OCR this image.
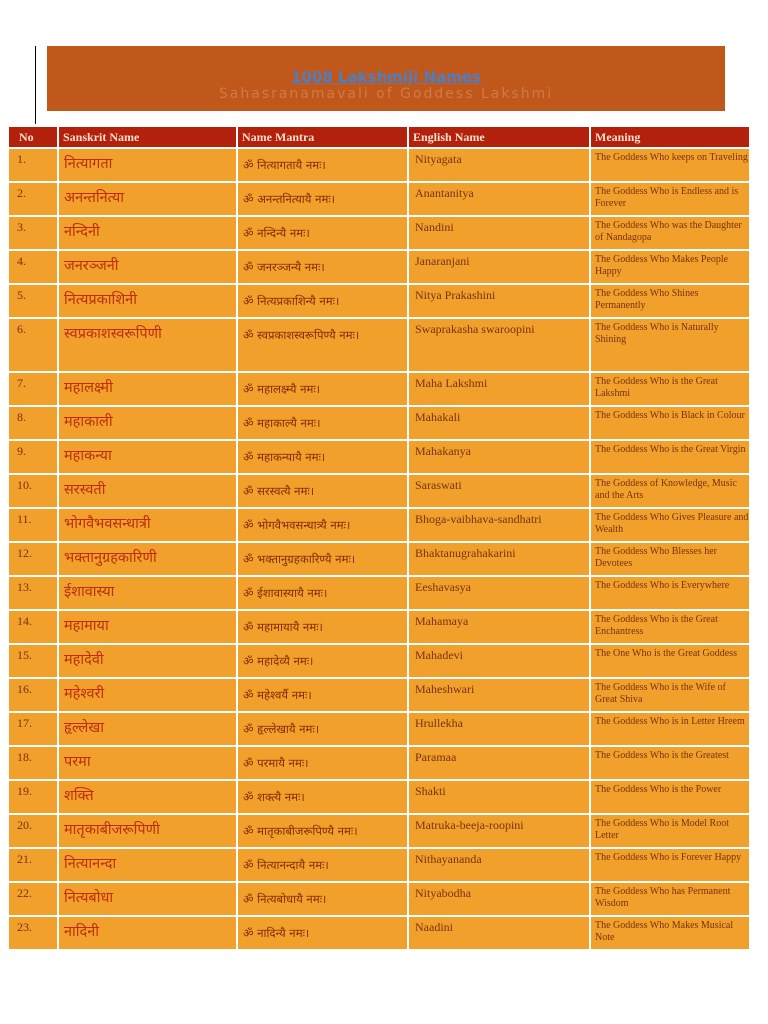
1008 Lakshmiji Names
Sahasranamavali of Goddess Lakshmi
No	Sanskrit Name	Name Mantra	English Name	Meaning
1.	नित्यागता	ॐ नित्यागतायै नमः।	Nityagata	The Goddess Who keeps on Traveling
2.	अनन्तनित्या	ॐ अनन्तनित्यायै नमः।	Anantanitya	The Goddess Who is Endless and is Forever
3.	नन्दिनी	ॐ नन्दिन्यै नमः।	Nandini	The Goddess Who was the Daughter of Nandagopa
4.	जनरञ्जनी	ॐ जनरञ्जन्यै नमः।	Janaranjani	The Goddess Who Makes People Happy
5.	नित्यप्रकाशिनी	ॐ नित्यप्रकाशिन्यै नमः।	Nitya Prakashini	The Goddess Who Shines Permanently
6.	स्वप्रकाशस्वरूपिणी	ॐ स्वप्रकाशस्वरूपिण्यै नमः।	Swaprakasha swaroopini	The Goddess Who is Naturally Shining
7.	महालक्ष्मी	ॐ महालक्ष्म्यै नमः।	Maha Lakshmi	The Goddess Who is the Great Lakshmi
8.	महाकाली	ॐ महाकाल्यै नमः।	Mahakali	The Goddess Who is Black in Colour
9.	महाकन्या	ॐ महाकन्यायै नमः।	Mahakanya	The Goddess Who is the Great Virgin
10.	सरस्वती	ॐ सरस्वत्यै नमः।	Saraswati	The Goddess of Knowledge, Music and the Arts
11.	भोगवैभवसन्धात्री	ॐ भोगवैभवसन्धात्र्यै नमः।	Bhoga-vaibhava-sandhatri	The Goddess Who Gives Pleasure and Wealth
12.	भक्तानुग्रहकारिणी	ॐ भक्तानुग्रहकारिण्यै नमः।	Bhaktanugrahakarini	The Goddess Who Blesses her Devotees
13.	ईशावास्या	ॐ ईशावास्यायै नमः।	Eeshavasya	The Goddess Who is Everywhere
14.	महामाया	ॐ महामायायै नमः।	Mahamaya	The Goddess Who is the Great Enchantress
15.	महादेवी	ॐ महादेव्यै नमः।	Mahadevi	The One Who is the Great Goddess
16.	महेश्वरी	ॐ महेश्वर्यै नमः।	Maheshwari	The Goddess Who is the Wife of Great Shiva
17.	हृल्लेखा	ॐ हृल्लेखायै नमः।	Hrullekha	The Goddess Who is in Letter Hreem
18.	परमा	ॐ परमायै नमः।	Paramaa	The Goddess Who is the Greatest
19.	शक्ति	ॐ शक्त्यै नमः।	Shakti	The Goddess Who is the Power
20.	मातृकाबीजरूपिणी	ॐ मातृकाबीजरूपिण्यै नमः।	Matruka-beeja-roopini	The Goddess Who is Model Root Letter
21.	नित्यानन्दा	ॐ नित्यानन्दायै नमः।	Nithayananda	The Goddess Who is Forever Happy
22.	नित्यबोधा	ॐ नित्यबोधायै नमः।	Nityabodha	The Goddess Who has Permanent Wisdom
23.	नादिनी	ॐ नादिन्यै नमः।	Naadini	The Goddess Who Makes Musical Note
